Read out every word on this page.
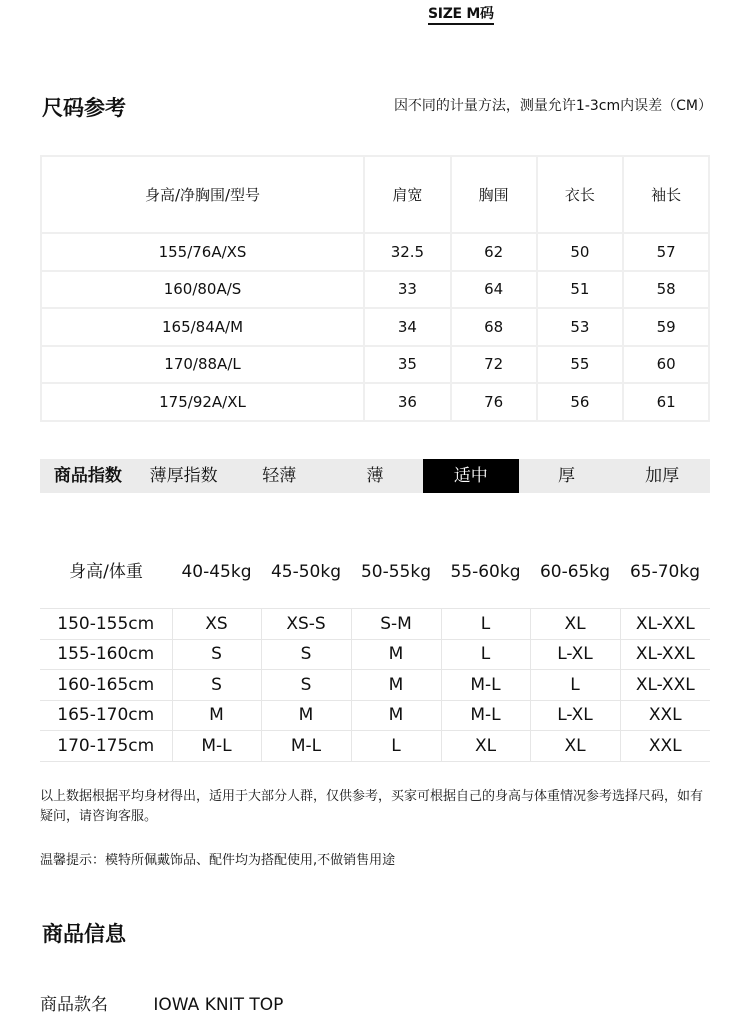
SIZE M码
尺码参考	因不同的计量方法，测量允许1-3cm内误差（CM）
身高/净胸围/型号	肩宽	胸围	衣长	袖长
155/76A/XS	32.5	62	50	57
160/80A/S	33	64	51	58
165/84A/M	34	68	53	59
170/88A/L	35	72	55	60
175/92A/XL	36	76	56	61
商品指数	薄厚指数	轻薄	薄	适中	厚	加厚
身高/体重	40-45kg	45-50kg	50-55kg	55-60kg	60-65kg	65-70kg
150-155cm	XS	XS-S	S-M	L	XL	XL-XXL
155-160cm	S	S	M	L	L-XL	XL-XXL
160-165cm	S	S	M	M-L	L	XL-XXL
165-170cm	M	M	M	M-L	L-XL	XXL
170-175cm	M-L	M-L	L	XL	XL	XXL
以上数据根据平均身材得出，适用于大部分人群，仅供参考，买家可根据自己的身高与体重情况参考选择尺码，如有疑问，请咨询客服。
温馨提示：模特所佩戴饰品、配件均为搭配使用,不做销售用途
商品信息
商品款名	IOWA KNIT TOP
